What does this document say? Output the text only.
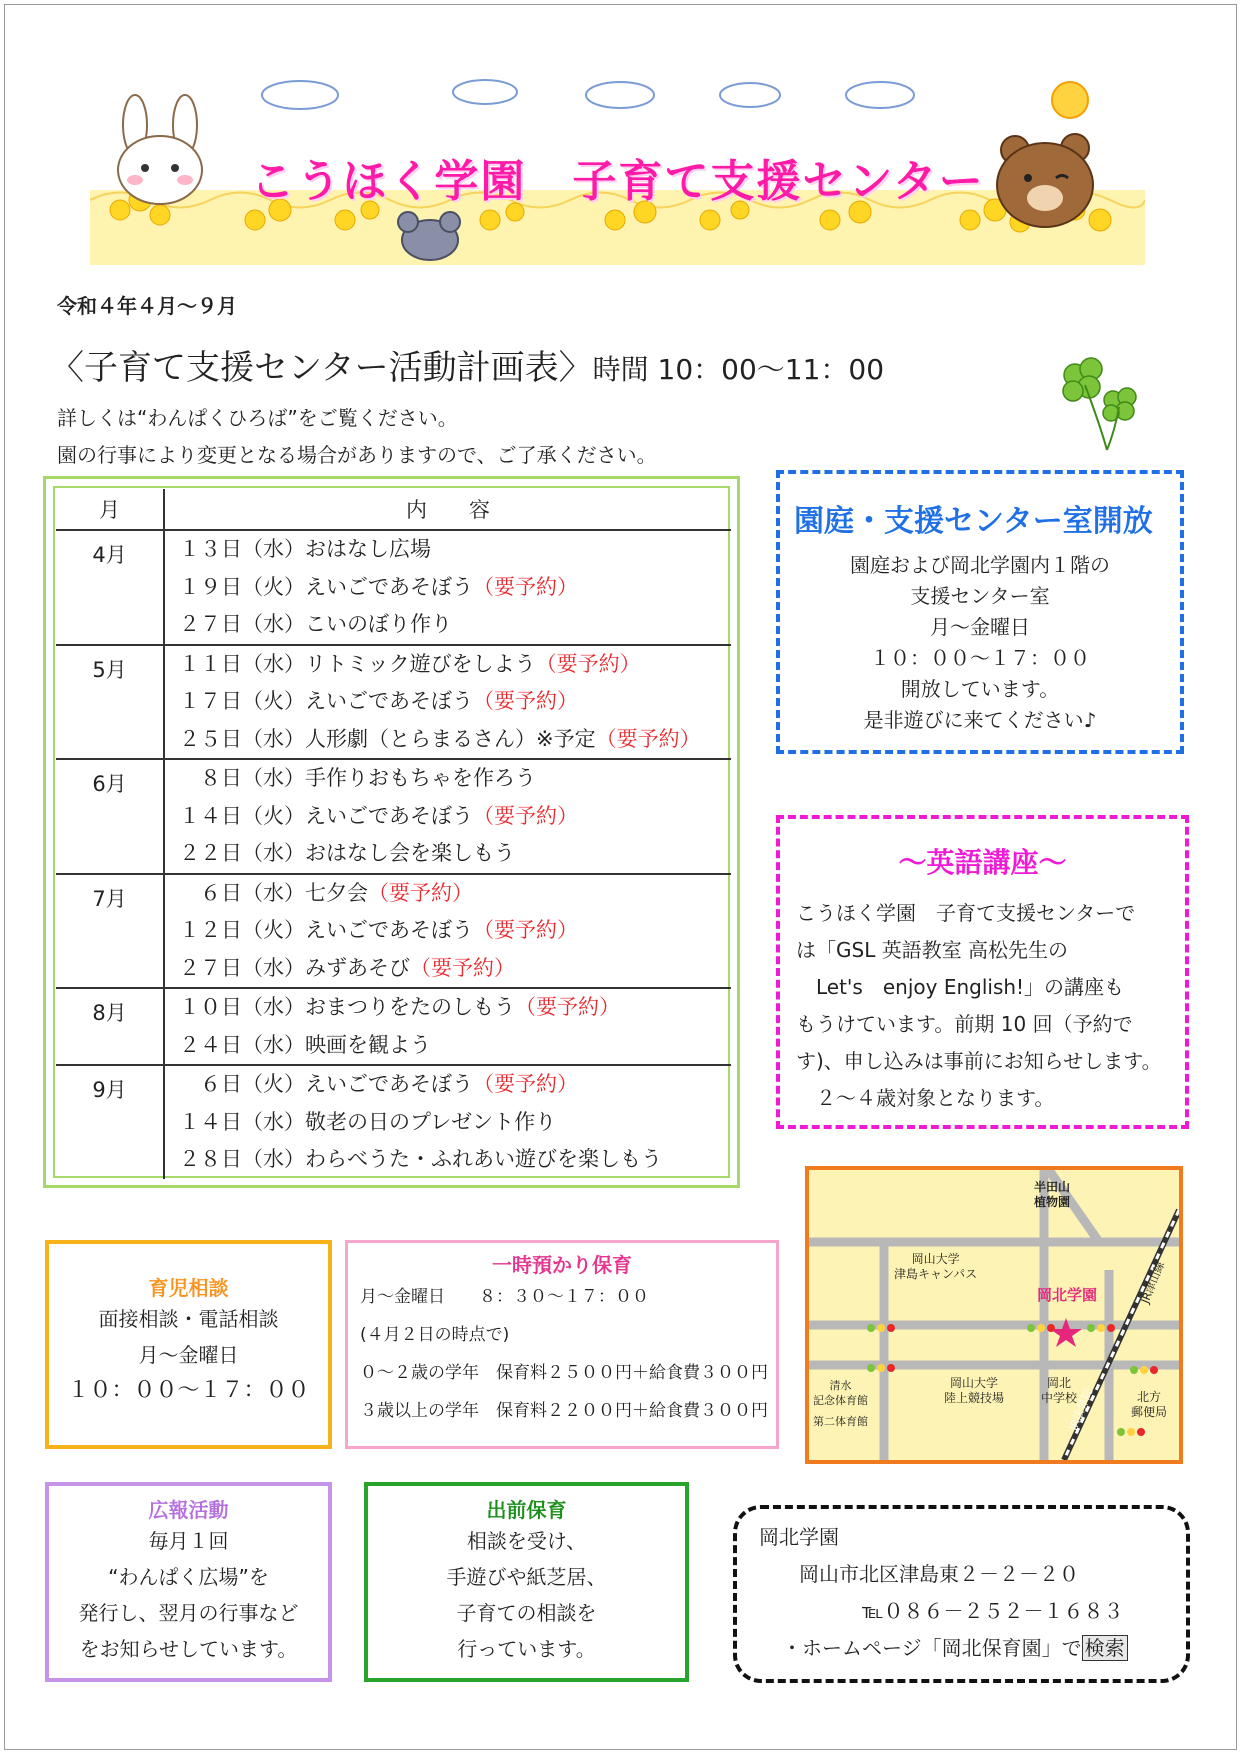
こうほく学園　子育て支援センター
令和４年４月～９月
〈子育て支援センター活動計画表〉時間 10：00～11：00
詳しくは“わんぱくひろば”をご覧ください。
園の行事により変更となる場合がありますので、ご了承ください。
月	内　　容
4月	１３日（水）おはなし広場
１９日（火）えいごであそぼう（要予約）
２７日（水）こいのぼり作り

5月	１１日（水）リトミック遊びをしよう（要予約）
１７日（火）えいごであそぼう（要予約）
２５日（水）人形劇（とらまるさん）※予定（要予約）

6月	　８日（水）手作りおもちゃを作ろう
１４日（火）えいごであそぼう（要予約）
２２日（水）おはなし会を楽しもう

7月	　６日（水）七夕会（要予約）
１２日（火）えいごであそぼう（要予約）
２７日（水）みずあそび（要予約）

8月	１０日（水）おまつりをたのしもう（要予約）
２４日（水）映画を観よう

9月	　６日（火）えいごであそぼう（要予約）
１４日（水）敬老の日のプレゼント作り
２８日（水）わらべうた・ふれあい遊びを楽しもう
園庭・支援センター室開放
園庭および岡北学園内１階の
支援センター室
月～金曜日
１０：００～１７：００
開放しています。
是非遊びに来てください♪
～英語講座～
こうほく学園　子育て支援センターで
は「GSL 英語教室 高松先生の
　Let's　enjoy English!」の講座も
もうけています。前期 10 回（予約で
す)、申し込みは事前にお知らせします。
　２～４歳対象となります。
半田山
植物園
岡山大学
津島キャンパス
岡北学園
岡山大学
陸上競技場
岡北
中学校
清水
記念体育館
第二体育館
北方
郵便局
JR津山線
JR法界院
育児相談
面接相談・電話相談
月～金曜日
１０：００～１７：００
一時預かり保育
月～金曜日　　８：３０～１７：００
(４月２日の時点で)
０～２歳の学年　保育料２５００円＋給食費３００円
３歳以上の学年　保育料２２００円＋給食費３００円
広報活動
毎月１回
“わんぱく広場”を
発行し、翌月の行事など
をお知らせしています。
出前保育
相談を受け、
手遊びや紙芝居、
子育ての相談を
行っています。
岡北学園
岡山市北区津島東２－２－２０
℡０８６－２５２－１６８３
・ホームページ「岡北保育園」で 検索
